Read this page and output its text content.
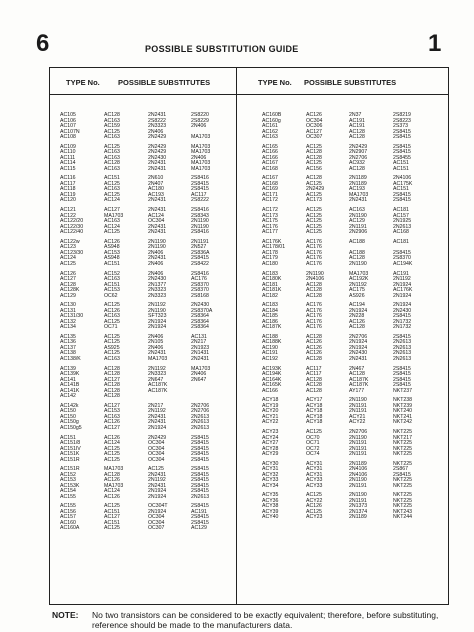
6	POSSIBLE SUBSTITUTION GUIDE	1
TYPE No. POSSIBLE SUBSTITUTES	TYPE No. POSSIBLE SUBSTITUTES
AC105	AC128	2N2431	2S8220
AC106	AC163	2S8222	2S8229
AC107	AC159	2N3323	2N406
AC107N	AC125	2N406
AC108	AC163	2N2429	MA1703
AC109	AC125	2N2429	MA1703
AC110	AC163	2N2429	MA1703
AC111	AC163	2N2430	2N406
AC114	AC128	2N2431	MA1703
AC115	AC163	2N2431	MA1703
AC116	AC151	2N610	2S8416
AC117	AC125	2N407	2S8415
AC118	AC163	AC180	2S8415
AC119	AC125	AC193	AC117
AC120	AC124	2N2431	2S8222
AC121	AC127	2N2431	2S8416
AC122	MA1703	AC124	2S8343
AC122/20	AC163	OC304	2N1190
AC122/30	AC124	2N2431	2N1190
AC122/40	AC125	2N2431	2S8416
AC122w	AC126	2N1190	2N1191
AC123	AS948	2N1190	2N527
AC123/30	AC153	2N406	2S836A
AC124	AS948	2N2431	2S8415
AC125	AC151	2N406	2S8422
AC126	AC152	2N406	2S8416
AC127	AC163	2N2430	AC176
AC128	AC151	2N1377	2S8370
AC128K	AC153	2N3323	2S8370
AC129	OC62	2N3323	2S8168
AC130	AC125	2N1192	2N2430
AC131	AC126	2N1190	2S8370A
AC131/30	AC163	SFT323	2S8364
AC132	AC125	2N1924	2S8364
AC134	OC71	2N1924	2S8364
AC135	AC125	2N406	AC131
AC136	AC125	2N105	2N217
AC137	AS925	2N406	2N1923
AC138	AC125	2N2431	2N1431
AC138/K	AC163	MA1703	2N2431
AC139	AC128	2N1192	MA1703
AC139K	AC128	2N3323	2N406
AC141	AC127	2N647	2N647
AC141B	AC128	AC187K
AC141K	AC128	AC187K
AC142	AC128
AC142k	AC127	2N217	2N2706
AC150	AC153	2N1192	2N2706
AC150	AC163	2N2431	2N2613
AC150g	AC126	2N2431	2N2613
AC150g5	AC127	2N1924	2N2613
AC151	AC126	2N2429	2S8415
AC151/8	AC124	OC304	2S8415
AC151IV	AC125	OC304	2S8415
AC151K	AC125	OC304	2S8415
AC151R	AC125	OC304	2S8415
AC151R	MA1703	AC125	2S8415
AC152	AC128	2N2431	2S8415
AC153	AC126	2N1192	2S8415
AC153K	MA1703	2N2431	2S8415
AC154	AC124	2N1924	2S8415
AC155	AC126	2N1924	2N2613
AC155	AC125	OC304T	2S8415
AC156	AC151	2N1924	AC191
AC157	AC127	OC304	2S8415
AC160	AC151	OC304	2S8415
AC160A	AC125	OC307	AC129
AC160B	AC126	2N37	2S8219
AC160g	OC304	AC191	2S8223
AC161	OC306	AC191	2S373
AC162	AC127	AC128	2S8415
AC163	OC307	AC128	2S8415
AC165	AC125	2N2429	2S8415
AC166	AC128	2N2907	2S8415
AC166	AC128	2N2706	2S8455
AC167	AC125	AC932	AC151
AC168	AC156	AC128	AC151
AC167	AC128	2N1189	2N4106
AC168	AC125	2N1189	AC175K
AC169	2N2429	AC193	AC151
AC171	AC125	MA1703	2S8415
AC172	AC173	2N2431	2S8415
AC172	AC125	AC163	AC181
AC173	AC125	2N1190	AC157
AC175	AC125	AC129	2N1925
AC176	AC125	2N1191	2N2613
AC177	AC125	2N2906	AC168
AC176K	AC176	AC188	AC181
AC178/01	AC176
AC178	AC176	AC188	2S8415
AC179	AC176	AC128	2S8370
AC180	AC176	2N1190	AC194K
AC183	2N1190	MA1703	AC191
AC180K	2N4106	AC192K	2N1192
AC181	AC128	2N1192	2N1924
AC181K	AC128	AC175	AC176K
AC182	AC128	AS926	2N1924
AC183	AC176	AC194	2N1924
AC184	AC176	2N1924	2N2430
AC185	AC176	2N228	2S8415
AC186	AC176	AC126	2N1732
AC187K	AC176	AC128	2N1732
AC188	AC128	2N2706	2S8415
AC188K	AC126	2N1924	2N2613
AC190	AC126	2N1924	2N2613
AC191	AC126	2N2430	2N2613
AC192	AC128	2N2431	2N2613
AC193K	AC117	2N467	2S8415
AC194K	AC117	AC128	2S8415
AC164K	AC128	AC187K	2S8415
AC165K	AC128	AC187K	2S8415
AC166	AC128	AY177	NKT237
ACY18	ACY17	2N1190	NKT238
ACY19	ACY18	2N1191	NKT239
ACY20	ACY18	2N1191	NKT240
ACY21	ACY18	ACY21	NKT241
ACY22	ACY18	ACY22	NKT242
ACY23	AC125	2N2706	NKT225
ACY24	OC70	2N1190	NKT217
ACY27	OC71	2N1191	NKT225
ACY28	OC72	2N1191	NKT225
ACY29	OC74	2N1191	NKT225
ACY30	ACY31	2N1189	NKT225
ACY31	ACY31	2N4106	2S867
ACY32	ACY31	2N4106	2S8415
ACY33	ACY33	2N1190	NKT225
ACY34	ACY33	2N1191	NKT225
ACY35	AC125	2N1190	NKT225
ACY36	ACY22	2N1191	NKT225
ACY38	AC126	2N1373	NKT225
ACY39	AC125	2N1374	NKT243
ACY40	ACY23	2N1189	NKT244
NOTE: No two transistors can be considered to be exactly equivalent; therefore, before substituting, reference should be made to the manufacturers data.
